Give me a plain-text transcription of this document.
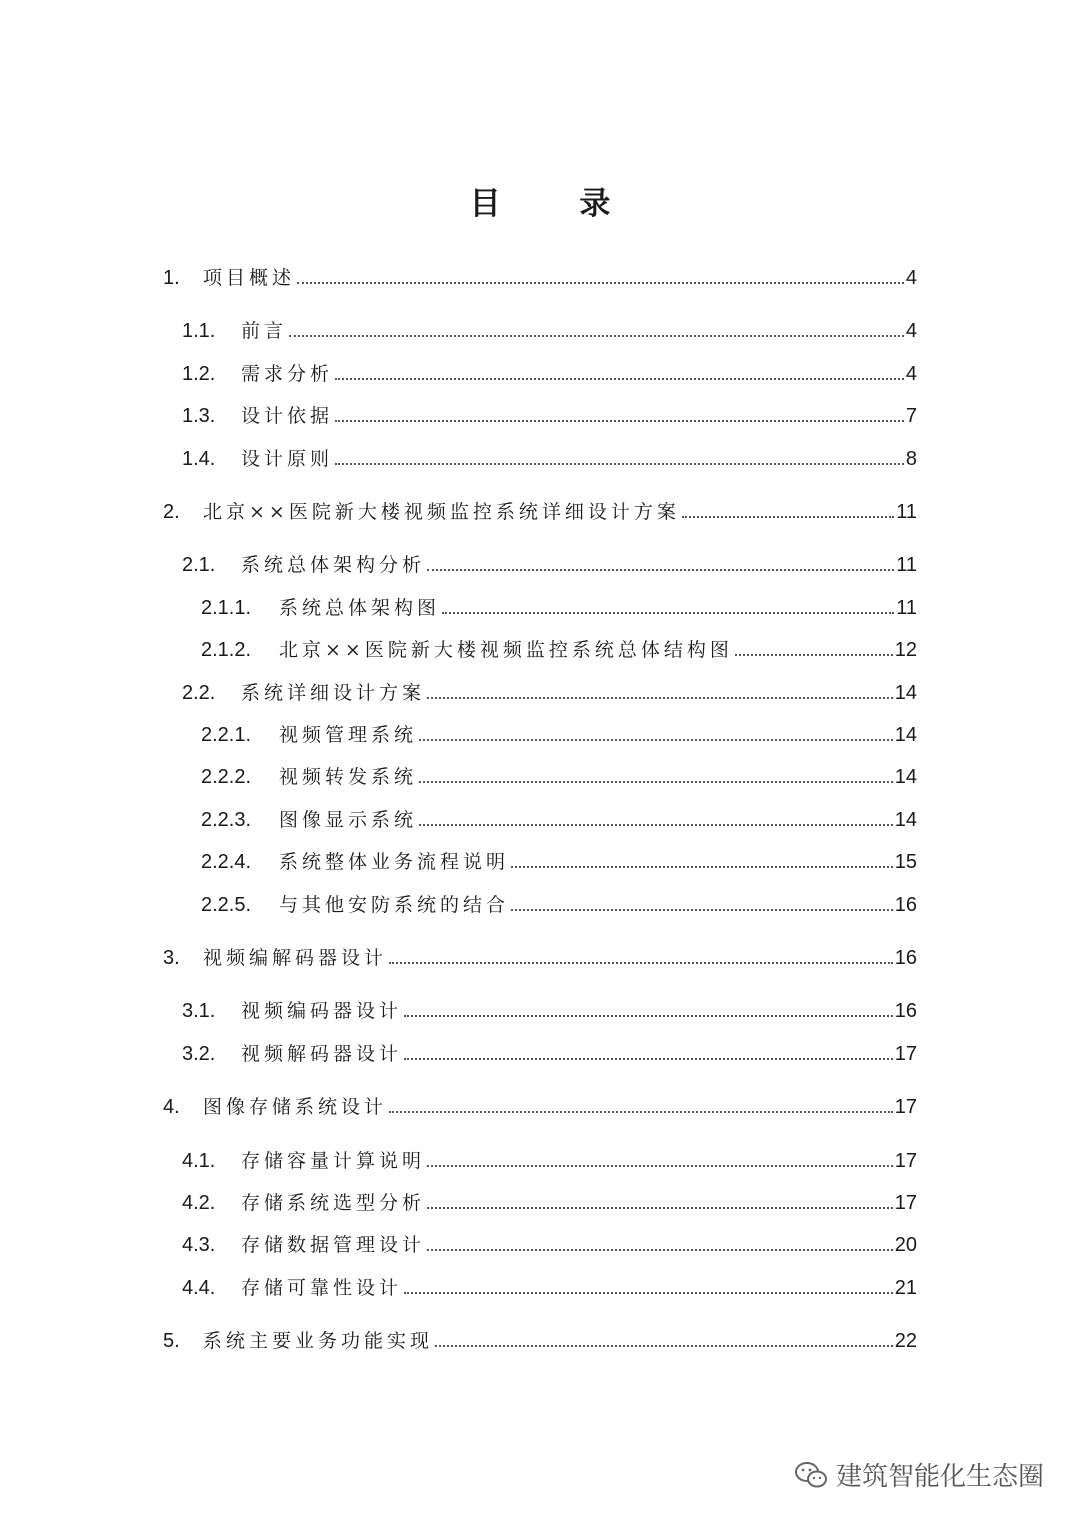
目 录
1.	项目概述	4
1.1.	前言	4
1.2.	需求分析	4
1.3.	设计依据	7
1.4.	设计原则	8
2.	北京××医院新大楼视频监控系统详细设计方案	11
2.1.	系统总体架构分析	11
2.1.1.	系统总体架构图	11
2.1.2.	北京××医院新大楼视频监控系统总体结构图	12
2.2.	系统详细设计方案	14
2.2.1.	视频管理系统	14
2.2.2.	视频转发系统	14
2.2.3.	图像显示系统	14
2.2.4.	系统整体业务流程说明	15
2.2.5.	与其他安防系统的结合	16
3.	视频编解码器设计	16
3.1.	视频编码器设计	16
3.2.	视频解码器设计	17
4.	图像存储系统设计	17
4.1.	存储容量计算说明	17
4.2.	存储系统选型分析	17
4.3.	存储数据管理设计	20
4.4.	存储可靠性设计	21
5.	系统主要业务功能实现	22
建筑智能化生态圈
